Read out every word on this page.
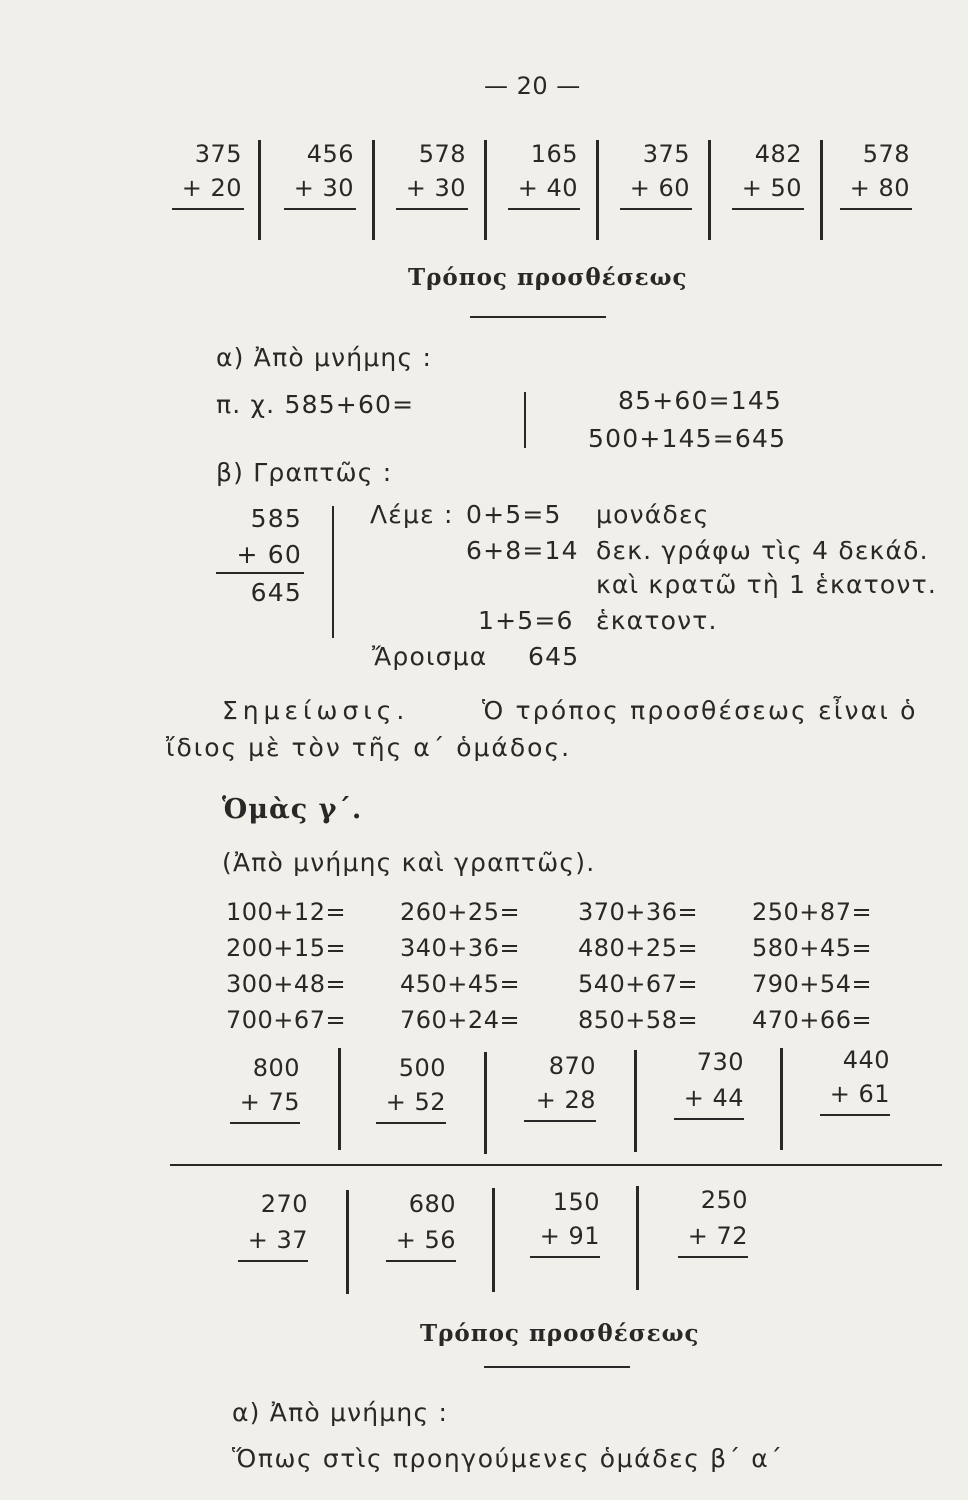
— 20 —
375
+ 20
456
+ 30
578
+ 30
165
+ 40
375
+ 60
482
+ 50
578
+ 80
Τρόπος προσθέσεως
α) Ἀπὸ μνήμης :
π. χ. 585+60=	85+60=145
500+145=645
β) Γραπτῶς :
585
+ 60
645
Λέμε : 0+5=5 μονάδες
6+8=14 δεκ. γράφω τὶς 4 δεκάδ.
καὶ κρατῶ τὴ 1 ἑκατοντ.
1+5=6 ἑκατοντ.
Ἄροισμα 645
Σημείωσις.	Ὁ τρόπος προσθέσεως εἶναι ὁ
ἴδιος μὲ τὸν τῆς α΄ ὁμάδος.
Ὁμὰς γ΄.
(Ἀπὸ μνήμης καὶ γραπτῶς).
100+12=
200+15=
300+48=
700+67=
260+25=
340+36=
450+45=
760+24=
370+36=
480+25=
540+67=
850+58=
250+87=
580+45=
790+54=
470+66=
800
+ 75
500
+ 52
870
+ 28
730
+ 44
440
+ 61
270
+ 37
680
+ 56
150
+ 91
250
+ 72
Τρόπος προσθέσεως
α) Ἀπὸ μνήμης :
Ὅπως στὶς προηγούμενες ὁμάδες β΄ α΄
